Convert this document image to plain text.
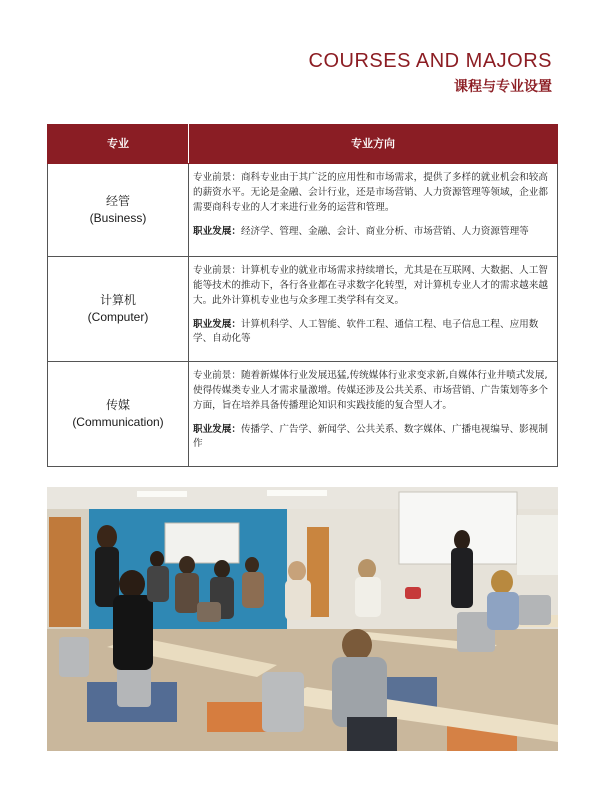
COURSES AND MAJORS
课程与专业设置
专业	专业方向

经管
(Business)	专业前景：商科专业由于其广泛的应用性和市场需求，提供了多样的就业机会和较高的薪资水平。无论是金融、会计行业，还是市场营销、人力资源管理等领域，企业都需要商科专业的人才来进行业务的运营和管理。
职业发展：经济学、管理、金融、会计、商业分析、市场营销、人力资源管理等

计算机
(Computer)	专业前景：计算机专业的就业市场需求持续增长，尤其是在互联网、大数据、人工智能等技术的推动下，各行各业都在寻求数字化转型，对计算机专业人才的需求越来越大。此外计算机专业也与众多理工类学科有交叉。
职业发展：计算机科学、人工智能、软件工程、通信工程、电子信息工程、应用数学、自动化等

传媒
(Communication)	专业前景：随着新媒体行业发展迅猛,传统媒体行业求变求新,自媒体行业井喷式发展,使得传媒类专业人才需求量激增。传媒还涉及公共关系、市场营销、广告策划等多个方面，旨在培养具备传播理论知识和实践技能的复合型人才。
职业发展：传播学、广告学、新闻学、公共关系、数字媒体、广播电视编导、影视制作
